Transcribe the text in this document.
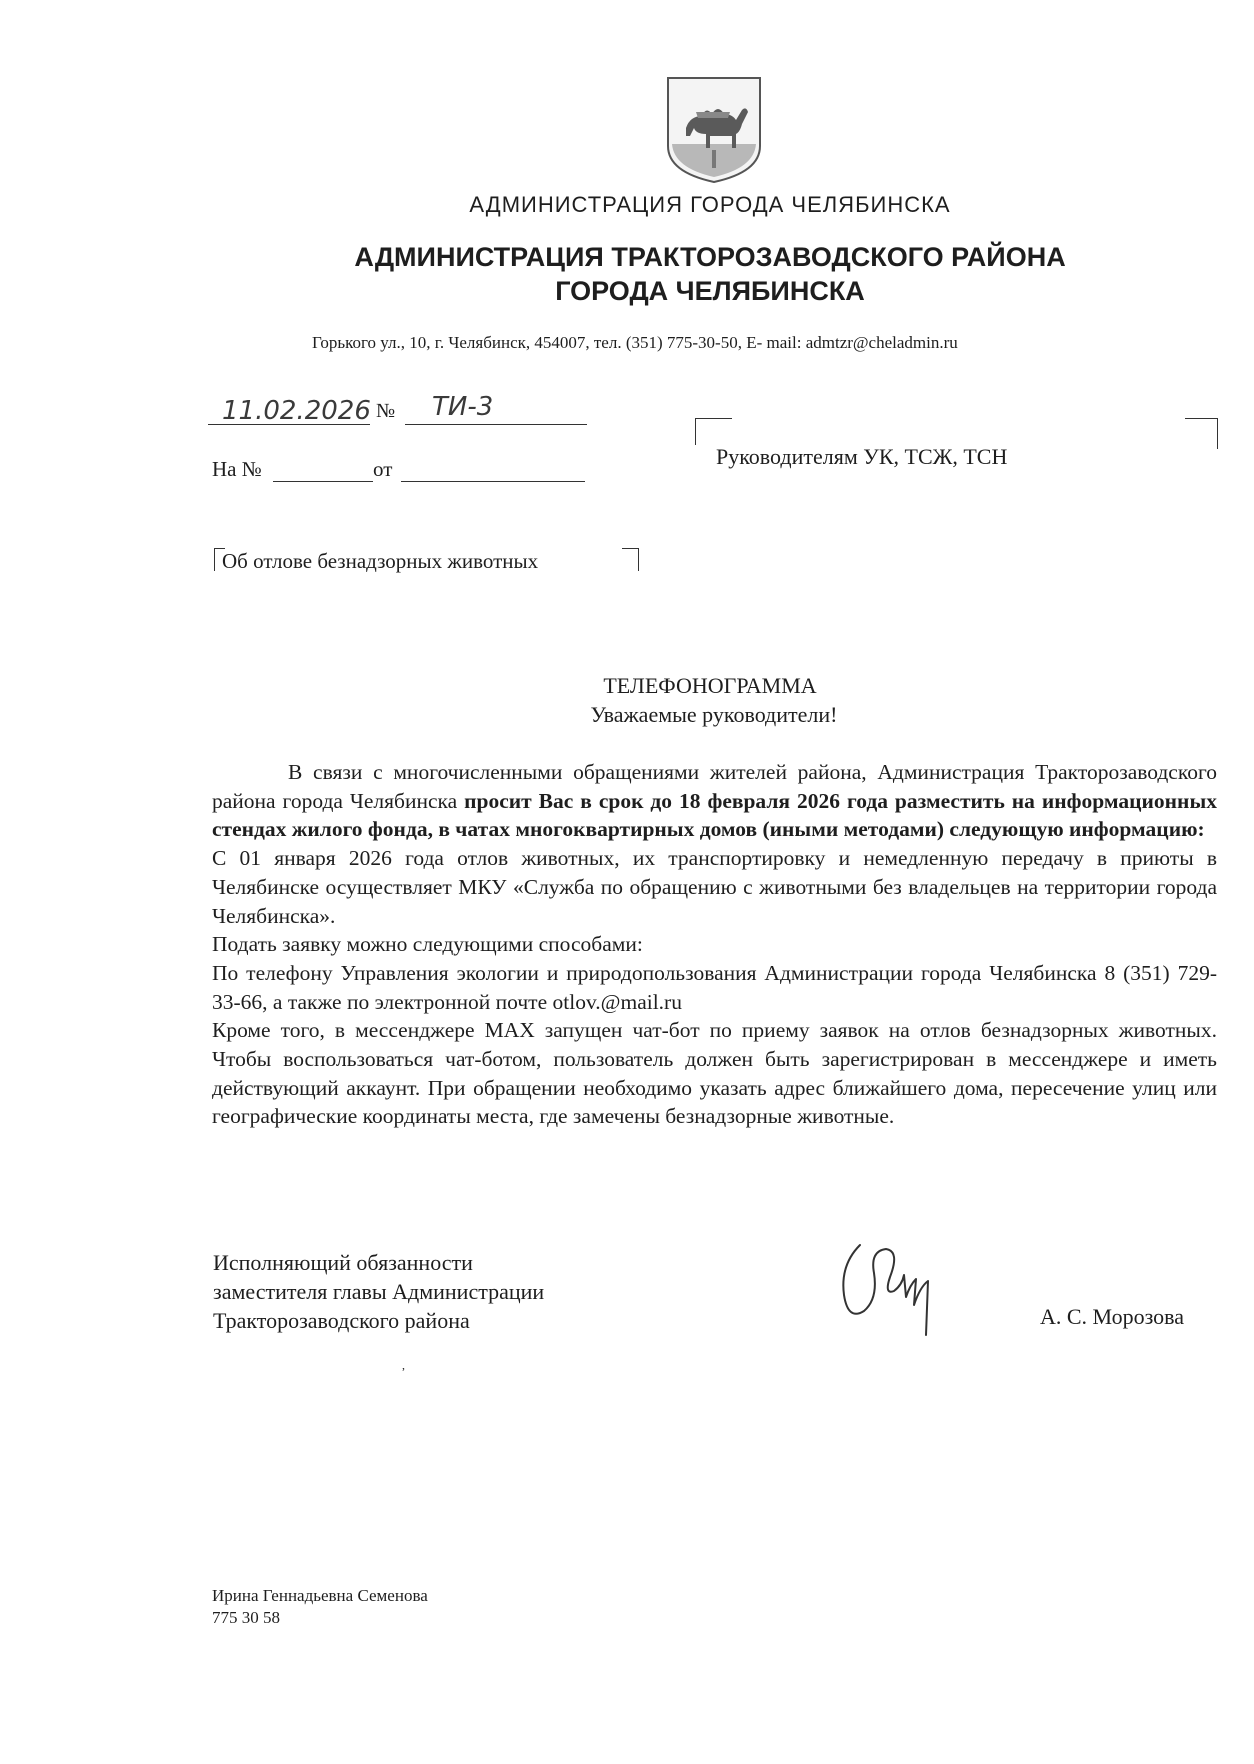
АДМИНИСТРАЦИЯ ГОРОДА ЧЕЛЯБИНСКА
АДМИНИСТРАЦИЯ ТРАКТОРОЗАВОДСКОГО РАЙОНА
ГОРОДА ЧЕЛЯБИНСКА
Горького ул., 10, г. Челябинск, 454007, тел. (351) 775-30-50, E- mail: admtzr@cheladmin.ru
11.02.2026 № ТИ-3
На №	от	Руководителям УК, ТСЖ, ТСН
Об отлове безнадзорных животных
ТЕЛЕФОНОГРАММА
Уважаемые руководители!

В связи с многочисленными обращениями жителей района, Администрация Тракторозаводского района города Челябинска просит Вас в срок до 18 февраля 2026 года разместить на информационных стендах жилого фонда, в чатах многоквартирных домов (иными методами) следующую информацию:

С 01 января 2026 года отлов животных, их транспортировку и немедленную передачу в приюты в Челябинске осуществляет МКУ «Служба по обращению с животными без владельцев на территории города Челябинска».

Подать заявку можно следующими способами:

По телефону Управления экологии и природопользования Администрации города Челябинска 8 (351) 729-33-66, а также по электронной почте otlov.@mail.ru

Кроме того, в мессенджере MAX запущен чат-бот по приему заявок на отлов безнадзорных животных. Чтобы воспользоваться чат-ботом, пользователь должен быть зарегистрирован в мессенджере и иметь действующий аккаунт. При обращении необходимо указать адрес ближайшего дома, пересечение улиц или географические координаты места, где замечены безнадзорные животные.

Исполняющий обязанности
заместителя главы Администрации
Тракторозаводского района	А. С. Морозова
,
Ирина Геннадьевна Семенова
775 30 58
